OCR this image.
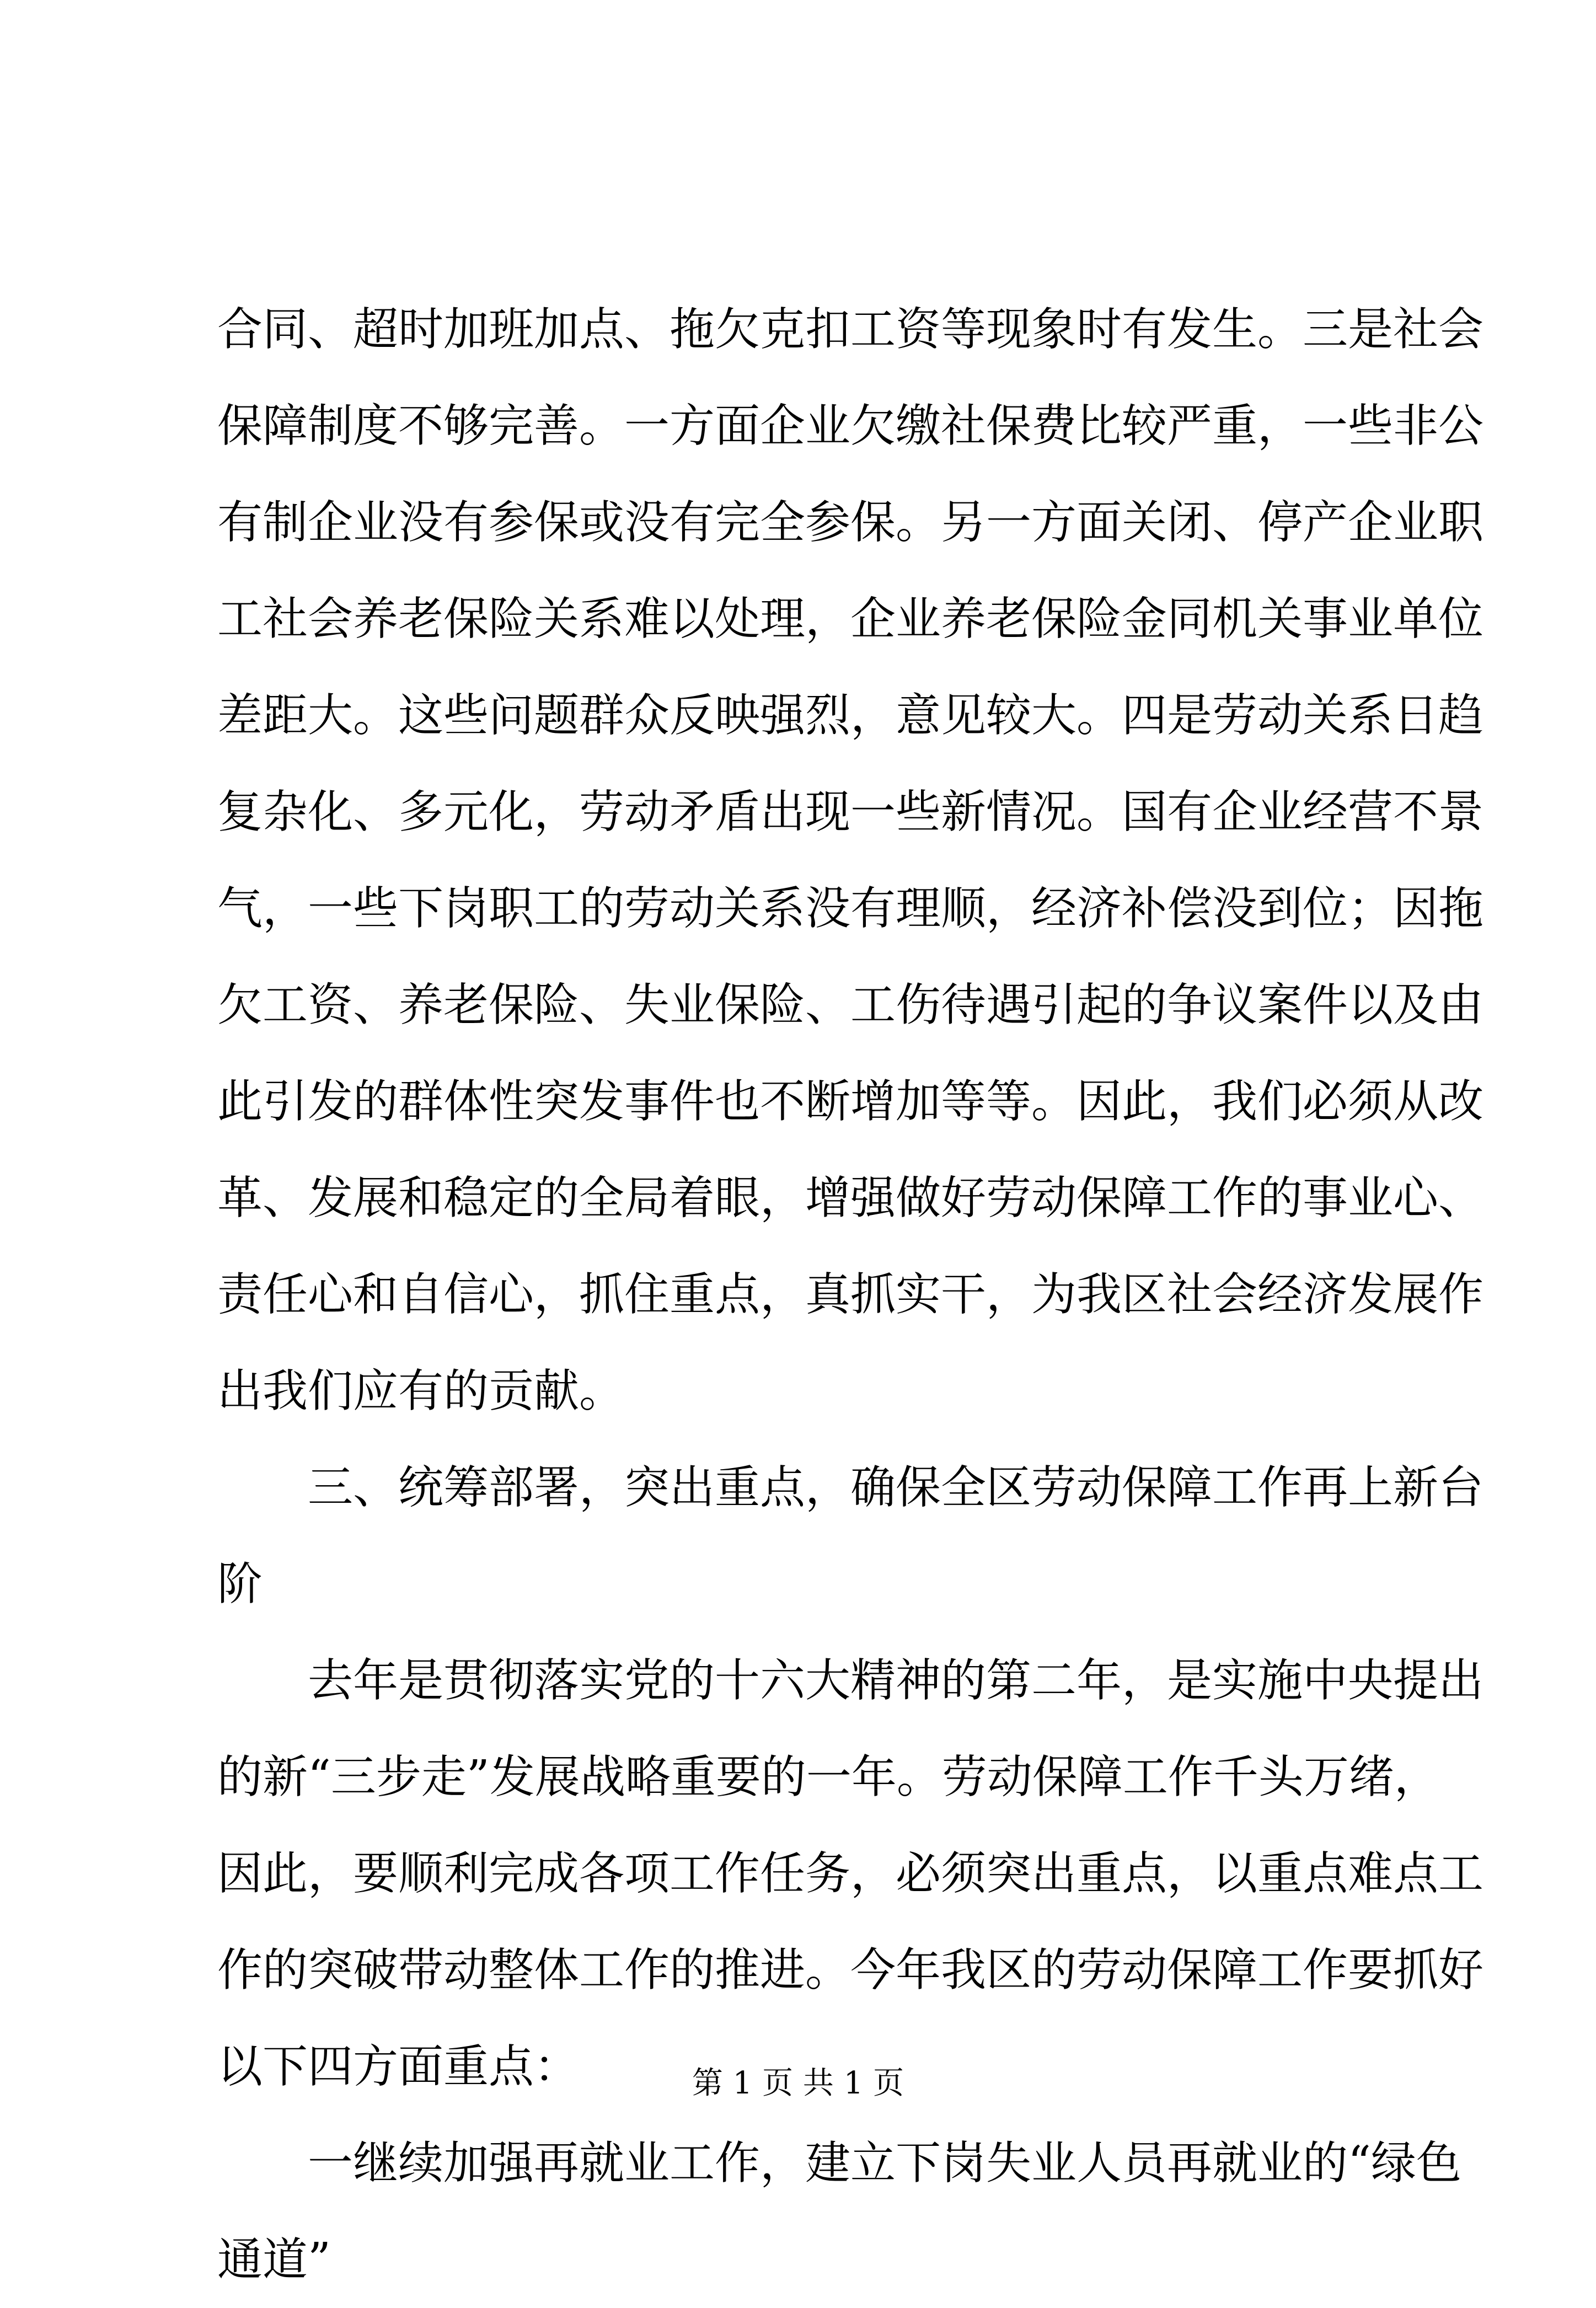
合同、超时加班加点、拖欠克扣工资等现象时有发生。三是社会
保障制度不够完善。一方面企业欠缴社保费比较严重，一些非公
有制企业没有参保或没有完全参保。另一方面关闭、停产企业职
工社会养老保险关系难以处理，企业养老保险金同机关事业单位
差距大。这些问题群众反映强烈，意见较大。四是劳动关系日趋
复杂化、多元化，劳动矛盾出现一些新情况。国有企业经营不景
气，一些下岗职工的劳动关系没有理顺，经济补偿没到位；因拖
欠工资、养老保险、失业保险、工伤待遇引起的争议案件以及由
此引发的群体性突发事件也不断增加等等。因此，我们必须从改
革、发展和稳定的全局着眼，增强做好劳动保障工作的事业心、
责任心和自信心，抓住重点，真抓实干，为我区社会经济发展作
出我们应有的贡献。
三、统筹部署，突出重点，确保全区劳动保障工作再上新台
阶
去年是贯彻落实党的十六大精神的第二年，是实施中央提出
的新“三步走”发展战略重要的一年。劳动保障工作千头万绪，
因此，要顺利完成各项工作任务，必须突出重点，以重点难点工
作的突破带动整体工作的推进。今年我区的劳动保障工作要抓好
以下四方面重点：
一继续加强再就业工作，建立下岗失业人员再就业的“绿色
通道”
第 1 页 共 1 页
